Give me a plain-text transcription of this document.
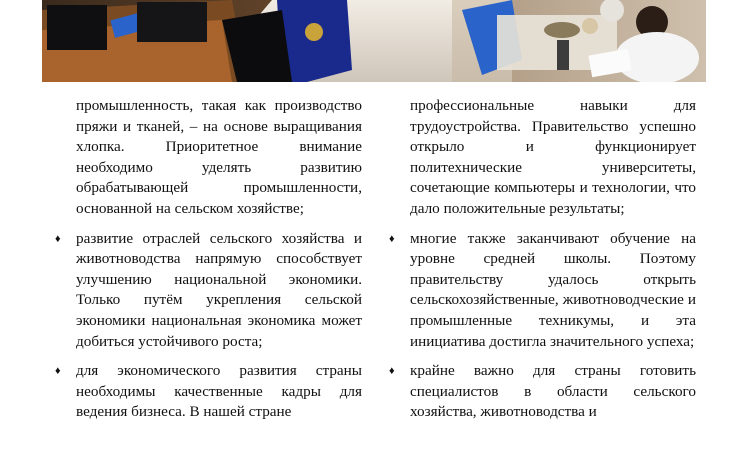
промышленность, такая как производство пряжи и тканей, – на основе выращивания хлопка. Приоритетное внимание необходимо уделять развитию обрабатывающей промышленности, основанной на сельском хозяйстве;

♦ развитие отраслей сельского хозяйства и животноводства напрямую способствует улучшению национальной экономики. Только путём укрепления сельской экономики национальная экономика может добиться устойчивого роста;

♦ для экономического развития страны необходимы качественные кадры для ведения бизнеса. В нашей стране

профессиональные навыки для трудоустройства. Правительство успешно открыло и функционирует политехнические университеты, сочетающие компьютеры и технологии, что дало положительные результаты;

♦ многие также заканчивают обучение на уровне средней школы. Поэтому правительству удалось открыть сельскохозяйственные, животноводческие и промышленные техникумы, и эта инициатива достигла значительного успеха;

♦ крайне важно для страны готовить специалистов в области сельского хозяйства, животноводства и
